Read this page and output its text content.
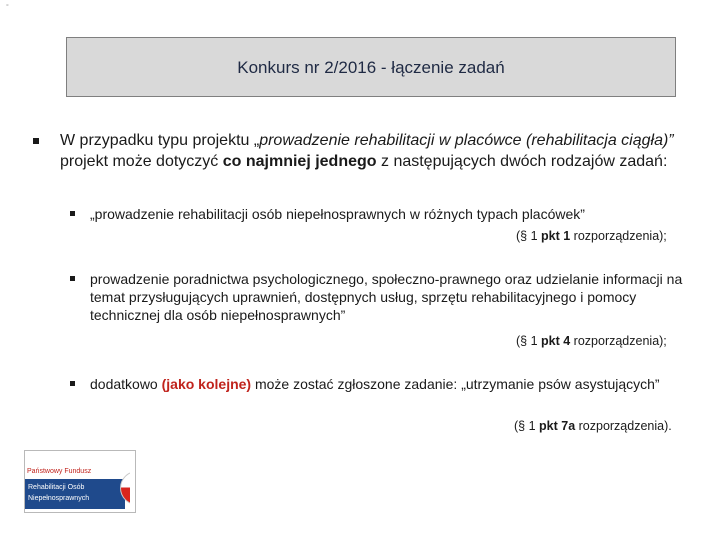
°
Konkurs nr 2/2016 - łączenie zadań
W przypadku typu projektu „prowadzenie rehabilitacji w placówce (rehabilitacja ciągła)” projekt może dotyczyć co najmniej jednego z następujących dwóch rodzajów zadań:
„prowadzenie rehabilitacji osób niepełnosprawnych w różnych typach placówek”
(§ 1 pkt 1 rozporządzenia);
prowadzenie poradnictwa psychologicznego, społeczno-prawnego oraz udzielanie informacji na temat przysługujących uprawnień, dostępnych usług, sprzętu rehabilitacyjnego i pomocy technicznej dla osób niepełnosprawnych”
(§ 1 pkt 4 rozporządzenia);
dodatkowo (jako kolejne) może zostać zgłoszone zadanie: „utrzymanie psów asystujących”
(§ 1 pkt 7a rozporządzenia).
Państwowy Fundusz
Rehabilitacji Osób
Niepełnosprawnych
